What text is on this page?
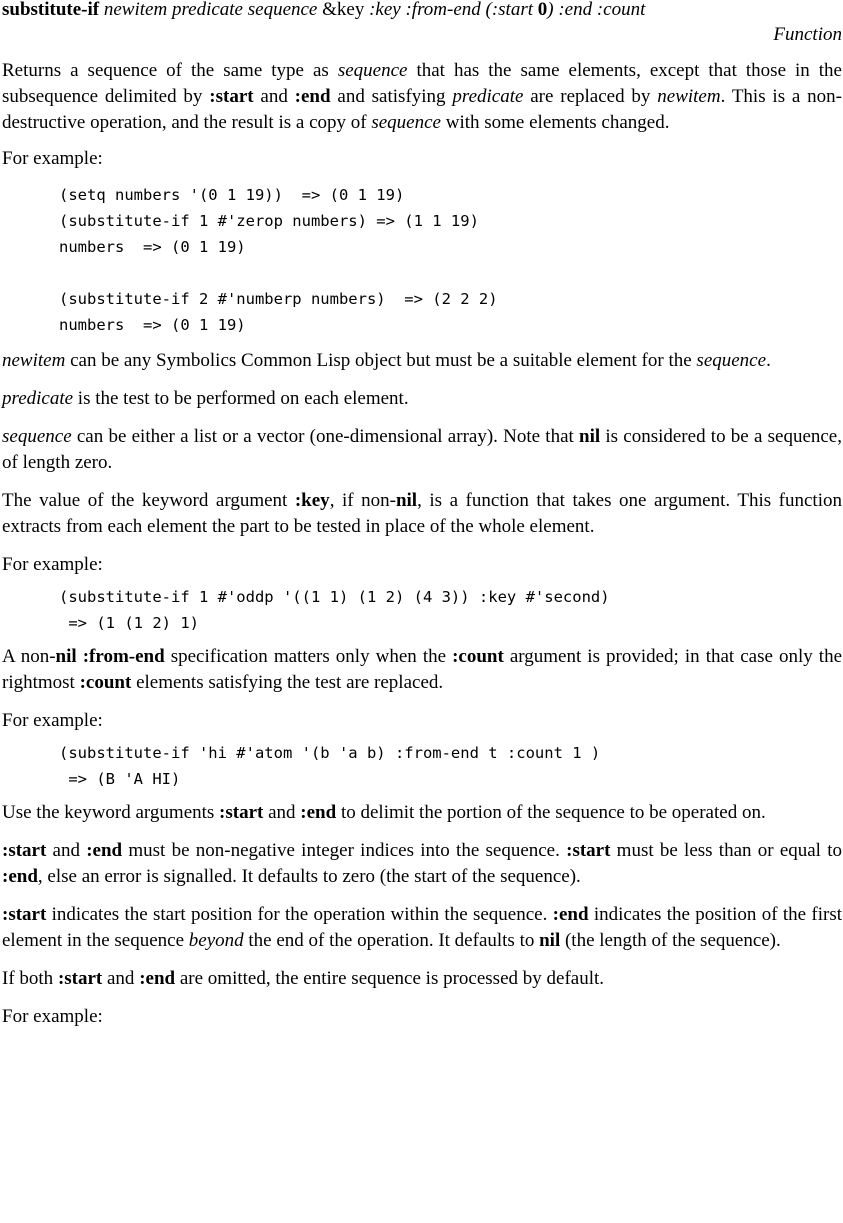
substitute-if newitem predicate sequence &key :key :from-end (:start 0) :end :count
Function

Returns a sequence of the same type as sequence that has the same elements, except that those in the subsequence delimited by :start and :end and satisfying predicate are replaced by newitem. This is a non-destructive operation, and the result is a copy of sequence with some elements changed.

For example:

(setq numbers '(0 1 19))  => (0 1 19)
(substitute-if 1 #'zerop numbers) => (1 1 19)
numbers  => (0 1 19)
(substitute-if 2 #'numberp numbers)  => (2 2 2)
numbers  => (0 1 19)

newitem can be any Symbolics Common Lisp object but must be a suitable element for the sequence.

predicate is the test to be performed on each element.

sequence can be either a list or a vector (one-dimensional array). Note that nil is considered to be a sequence, of length zero.

The value of the keyword argument :key, if non-nil, is a function that takes one argument. This function extracts from each element the part to be tested in place of the whole element.

For example:

(substitute-if 1 #'oddp '((1 1) (1 2) (4 3)) :key #'second)
=> (1 (1 2) 1)

A non-nil :from-end specification matters only when the :count argument is provided; in that case only the rightmost :count elements satisfying the test are replaced.

For example:

(substitute-if 'hi #'atom '(b 'a b) :from-end t :count 1 )
=> (B 'A HI)

Use the keyword arguments :start and :end to delimit the portion of the sequence to be operated on.

:start and :end must be non-negative integer indices into the sequence. :start must be less than or equal to :end, else an error is signalled. It defaults to zero (the start of the sequence).

:start indicates the start position for the operation within the sequence. :end indicates the position of the first element in the sequence beyond the end of the operation. It defaults to nil (the length of the sequence).

If both :start and :end are omitted, the entire sequence is processed by default.

For example:
